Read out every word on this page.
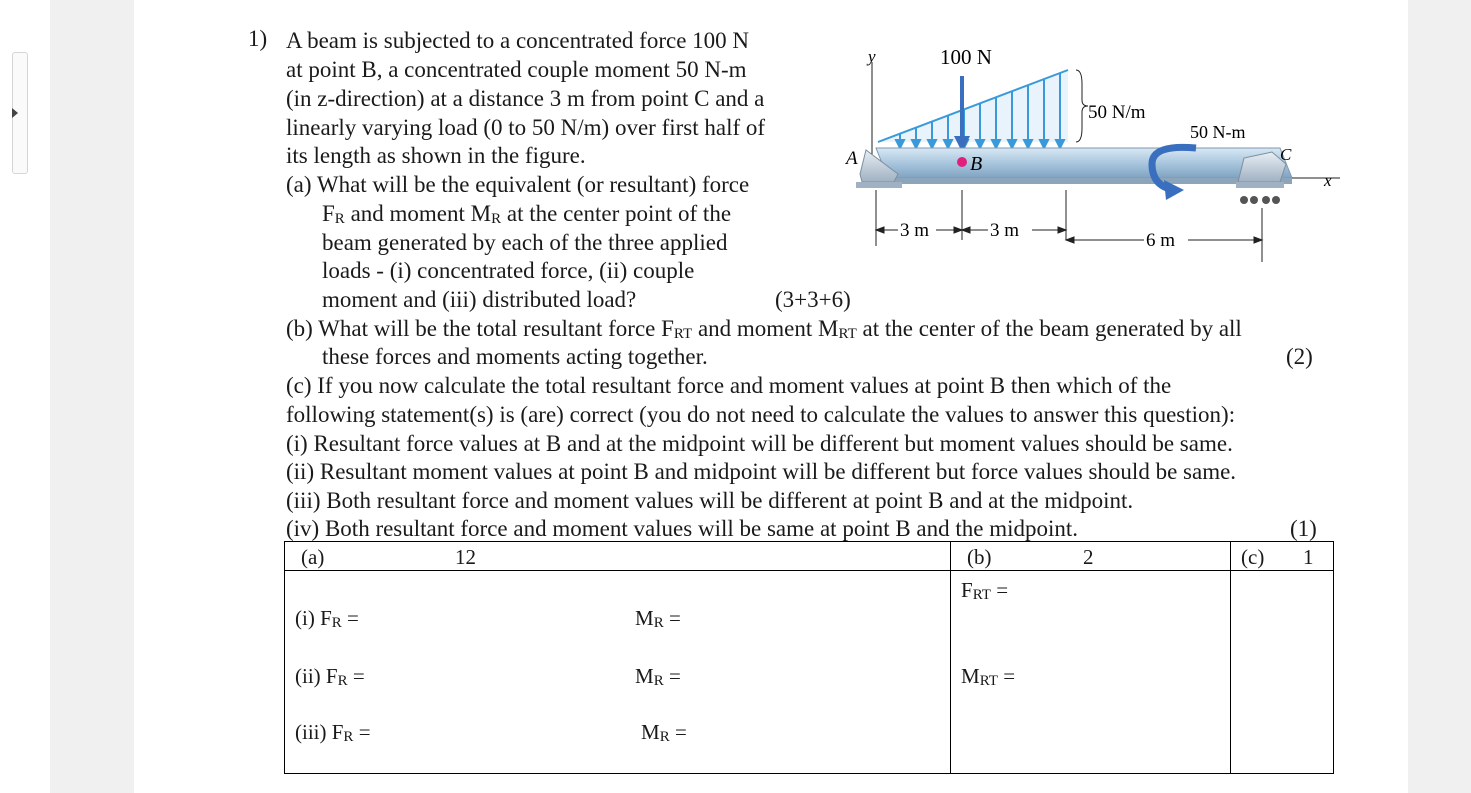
1) A beam is subjected to a concentrated force 100 N
at point B, a concentrated couple moment 50 N-m
(in z-direction) at a distance 3 m from point C and a
linearly varying load (0 to 50 N/m) over first half of
its length as shown in the figure.
(a) What will be the equivalent (or resultant) force
$F_R$ and moment $M_R$ at the center point of the
beam generated by each of the three applied
loads - (i) concentrated force, (ii) couple
moment and (iii) distributed load?	(3+3+6)
(b) What will be the total resultant force $F_{RT}$ and moment $M_{RT}$ at the center of the beam generated by all
these forces and moments acting together.	(2)
(c) If you now calculate the total resultant force and moment values at point B then which of the
following statement(s) is (are) correct (you do not need to calculate the values to answer this question):
(i) Resultant force values at B and at the midpoint will be different but moment values should be same.
(ii) Resultant moment values at point B and midpoint will be different but force values should be same.
(iii) Both resultant force and moment values will be different at point B and at the midpoint.
(iv) Both resultant force and moment values will be same at point B and the midpoint.	(1)
y
50 N/m
100 N
B
A	C
x
50 N-m
3 m	3 m	6 m
(a)	12	(b)	2	(c) 1
(i) $F_R$ =	$M_R$ =
(ii) $F_R$ =	$M_R$ =
(iii) $F_R$ =	$M_R$ =
$F_{RT}$ =
$M_{RT}$ =
